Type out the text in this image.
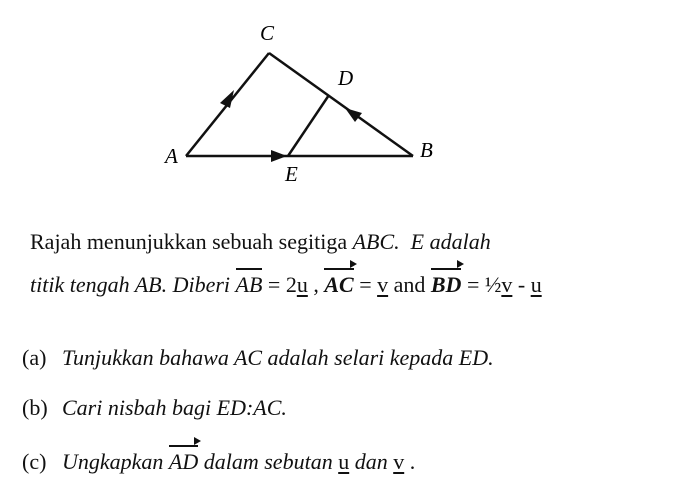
C
D
A	B
E
Rajah menunjukkan sebuah segitiga ABC. E adalah
titik tengah AB. Diberi
AB = 2u ,
AC = v and
BD = ½v - u
(a) Tunjukkan bahawa AC adalah selari kepada ED.
(b) Cari nisbah bagi ED:AC.
(c) Ungkapkan
AD dalam sebutan u dan v .
